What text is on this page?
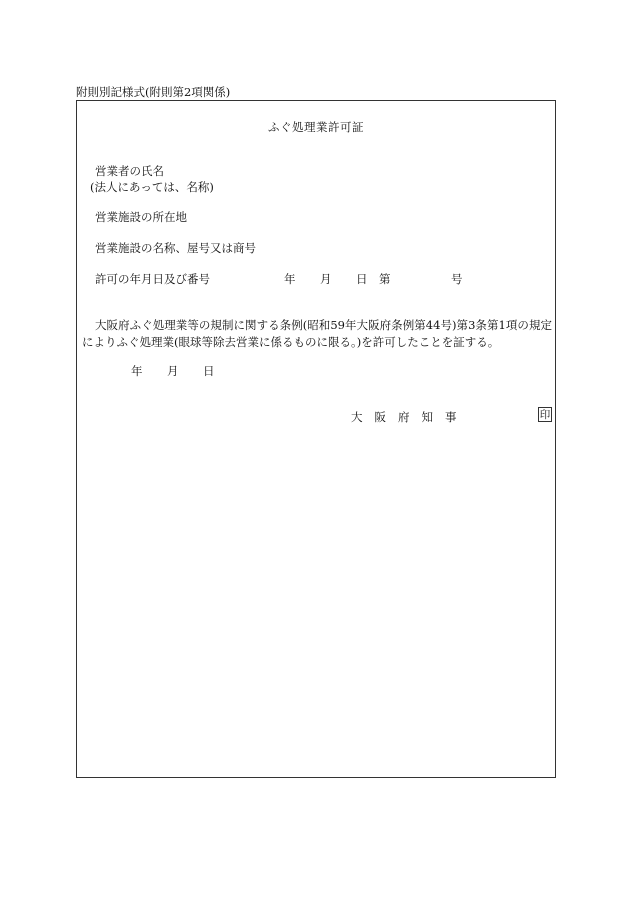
附則別記様式(附則第2項関係)
ふぐ処理業許可証
営業者の氏名
(法人にあっては、名称)
営業施設の所在地
営業施設の名称、屋号又は商号
許可の年月日及び番号	年 月 日 第	号
大阪府ふぐ処理業等の規制に関する条例(昭和59年大阪府条例第44号)第3条第1項の規定によりふぐ処理業(眼球等除去営業に係るものに限る。)を許可したことを証する。
年 月 日
大 阪 府 知 事	印
